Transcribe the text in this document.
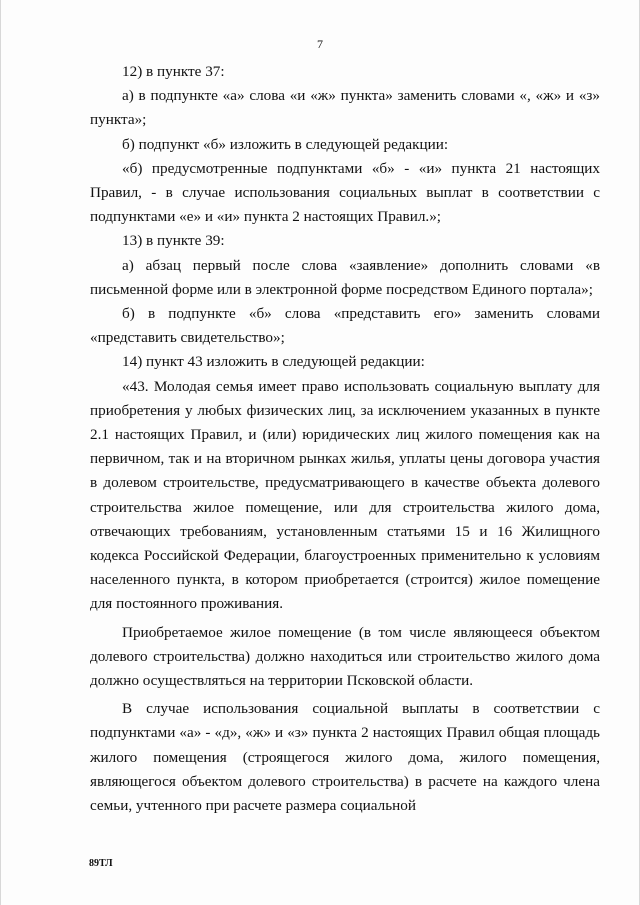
7

12) в пункте 37:

а) в подпункте «а» слова «и «ж» пункта» заменить словами «, «ж» и «з» пункта»;

б) подпункт «б» изложить в следующей редакции:

«б) предусмотренные подпунктами «б» - «и» пункта 21 настоящих Правил, - в случае использования социальных выплат в соответствии с подпунктами «е» и «и» пункта 2 настоящих Правил.»;

13) в пункте 39:

а) абзац первый после слова «заявление» дополнить словами «в письменной форме или в электронной форме посредством Единого портала»;

б) в подпункте «б» слова «представить его» заменить словами «представить свидетельство»;

14) пункт 43 изложить в следующей редакции:

«43. Молодая семья имеет право использовать социальную выплату для приобретения у любых физических лиц, за исключением указанных в пункте 2.1 настоящих Правил, и (или) юридических лиц жилого помещения как на первичном, так и на вторичном рынках жилья, уплаты цены договора участия в долевом строительстве, предусматривающего в качестве объекта долевого строительства жилое помещение, или для строительства жилого дома, отвечающих требованиям, установленным статьями 15 и 16 Жилищного кодекса Российской Федерации, благоустроенных применительно к условиям населенного пункта, в котором приобретается (строится) жилое помещение для постоянного проживания.

Приобретаемое жилое помещение (в том числе являющееся объектом долевого строительства) должно находиться или строительство жилого дома должно осуществляться на территории Псковской области.

В случае использования социальной выплаты в соответствии с подпунктами «а» - «д», «ж» и «з» пункта 2 настоящих Правил общая площадь жилого помещения (строящегося жилого дома, жилого помещения, являющегося объектом долевого строительства) в расчете на каждого члена семьи, учтенного при расчете размера социальной

89ТЛ
